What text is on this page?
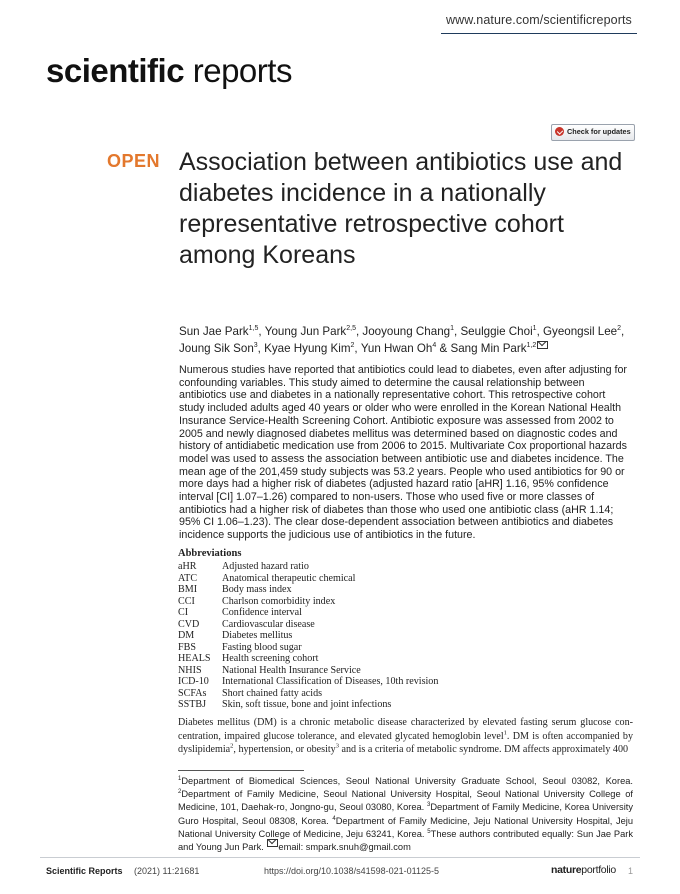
www.nature.com/scientificreports
scientific reports
Check for updates
OPEN Association between antibiotics use and diabetes incidence in a nationally representative retrospective cohort among Koreans
Sun Jae Park$^{1,5}$, Young Jun Park$^{2,5}$, Jooyoung Chang$^1$, Seulggie Choi$^1$, Gyeongsil Lee$^2$, Joung Sik Son$^3$, Kyae Hyung Kim$^2$, Yun Hwan Oh$^4$ & Sang Min Park$^{1,2}$

Numerous studies have reported that antibiotics could lead to diabetes, even after adjusting for confounding variables. This study aimed to determine the causal relationship between antibiotics use and diabetes in a nationally representative cohort. This retrospective cohort study included adults aged 40 years or older who were enrolled in the Korean National Health Insurance Service-Health Screening Cohort. Antibiotic exposure was assessed from 2002 to 2005 and newly diagnosed diabetes mellitus was determined based on diagnostic codes and history of antidiabetic medication use from 2006 to 2015. Multivariate Cox proportional hazards model was used to assess the association between antibiotic use and diabetes incidence. The mean age of the 201,459 study subjects was 53.2 years. People who used antibiotics for 90 or more days had a higher risk of diabetes (adjusted hazard ratio [aHR] 1.16, 95% confidence interval [CI] 1.07–1.26) compared to non-users. Those who used five or more classes of antibiotics had a higher risk of diabetes than those who used one antibiotic class (aHR 1.14; 95% CI 1.06–1.23). The clear dose-dependent association between antibiotics and diabetes incidence supports the judicious use of antibiotics in the future.

Abbreviations
aHR	Adjusted hazard ratio
ATC	Anatomical therapeutic chemical
BMI	Body mass index
CCI	Charlson comorbidity index
CI	Confidence interval
CVD	Cardiovascular disease
DM	Diabetes mellitus
FBS	Fasting blood sugar
HEALS	Health screening cohort
NHIS	National Health Insurance Service
ICD-10	International Classification of Diseases, 10th revision
SCFAs	Short chained fatty acids
SSTBJ	Skin, soft tissue, bone and joint infections

Diabetes mellitus (DM) is a chronic metabolic disease characterized by elevated fasting serum glucose con-centration, impaired glucose tolerance, and elevated glycated hemoglobin level$^1$. DM is often accompanied by dyslipidemia$^2$, hypertension, or obesity$^3$ and is a criteria of metabolic syndrome. DM affects approximately 400

$^1$Department of Biomedical Sciences, Seoul National University Graduate School, Seoul 03082, Korea. $^2$Department of Family Medicine, Seoul National University Hospital, Seoul National University College of Medicine, 101, Daehak-ro, Jongno-gu, Seoul 03080, Korea. $^3$Department of Family Medicine, Korea University Guro Hospital, Seoul 08308, Korea. $^4$Department of Family Medicine, Jeju National University Hospital, Jeju National University College of Medicine, Jeju 63241, Korea. $^5$These authors contributed equally: Sun Jae Park and Young Jun Park. email: smpark.snuh@gmail.com

Scientific Reports (2021) 11:21681	https://doi.org/10.1038/s41598-021-01125-5	natureportfolio 1
